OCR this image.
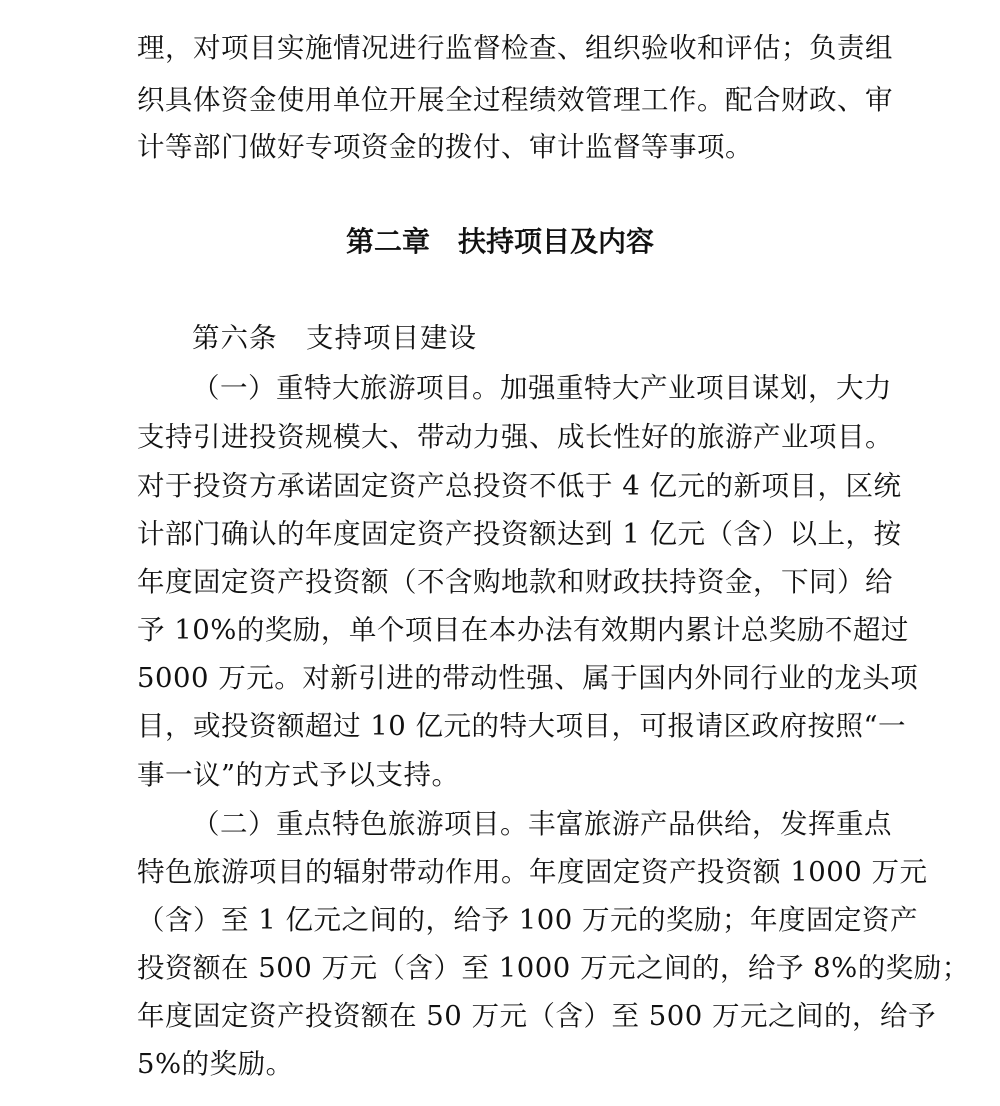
理，对项目实施情况进行监督检查、组织验收和评估；负责组
织具体资金使用单位开展全过程绩效管理工作。配合财政、审
计等部门做好专项资金的拨付、审计监督等事项。
第二章　扶持项目及内容
第六条　支持项目建设
（一）重特大旅游项目。加强重特大产业项目谋划，大力
支持引进投资规模大、带动力强、成长性好的旅游产业项目。
对于投资方承诺固定资产总投资不低于 4 亿元的新项目，区统
计部门确认的年度固定资产投资额达到 1 亿元（含）以上，按
年度固定资产投资额（不含购地款和财政扶持资金，下同）给
予 10%的奖励，单个项目在本办法有效期内累计总奖励不超过
5000 万元。对新引进的带动性强、属于国内外同行业的龙头项
目，或投资额超过 10 亿元的特大项目，可报请区政府按照“一
事一议”的方式予以支持。
（二）重点特色旅游项目。丰富旅游产品供给，发挥重点
特色旅游项目的辐射带动作用。年度固定资产投资额 1000 万元
（含）至 1 亿元之间的，给予 100 万元的奖励；年度固定资产
投资额在 500 万元（含）至 1000 万元之间的，给予 8%的奖励；
年度固定资产投资额在 50 万元（含）至 500 万元之间的，给予
5%的奖励。
